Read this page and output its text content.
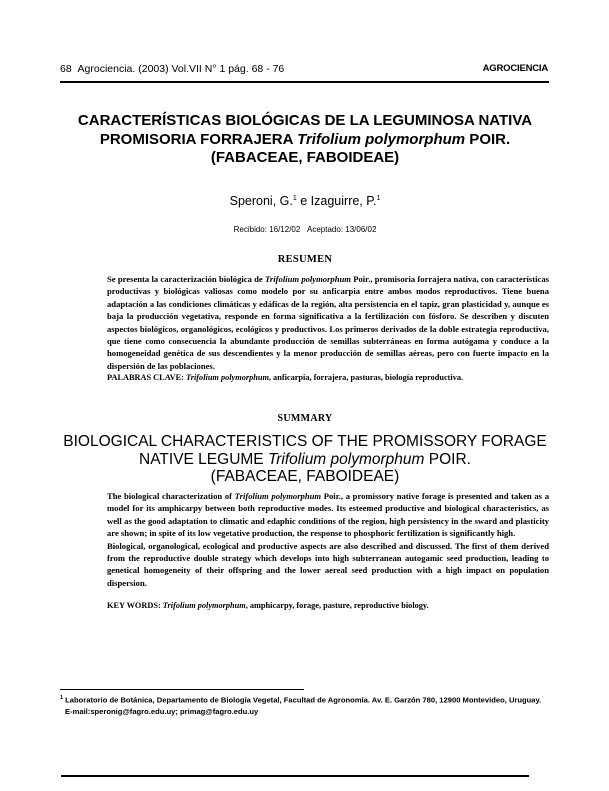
68 Agrociencia. (2003) Vol.VII N° 1 pág. 68 - 76	AGROCIENCIA
CARACTERÍSTICAS BIOLÓGICAS DE LA LEGUMINOSA NATIVA
PROMISORIA FORRAJERA Trifolium polymorphum POIR.
(FABACEAE, FABOIDEAE)
Speroni, G.$^1$ e Izaguirre, P.$^1$
Recibido: 16/12/02 Aceptado: 13/06/02
RESUMEN

Se presenta la caracterización biológica de Trifolium polymorphum Poir., promisoria forrajera nativa, con características productivas y biológicas valiosas como modelo por su anficarpia entre ambos modos reproductivos. Tiene buena adaptación a las condiciones climáticas y edáficas de la región, alta persistencia en el tapiz, gran plasticidad y, aunque es baja la producción vegetativa, responde en forma significativa a la fertilización con fósforo. Se describen y discuten aspectos biológicos, organológicos, ecológicos y productivos. Los primeros derivados de la doble estrategia reproductiva, que tiene como consecuencia la abundante producción de semillas subterráneas en forma autógama y conduce a la homogeneidad genética de sus descendientes y la menor producción de semillas aéreas, pero con fuerte impacto en la dispersión de las poblaciones.

PALABRAS CLAVE: Trifolium polymorphum, anficarpia, forrajera, pasturas, biología reproductiva.
SUMMARY
BIOLOGICAL CHARACTERISTICS OF THE PROMISSORY FORAGE
NATIVE LEGUME Trifolium polymorphum POIR.
(FABACEAE, FABOIDEAE)

The biological characterization of Trifolium polymorphum Poir., a promissory native forage is presented and taken as a model for its amphicarpy between both reproductive modes. Its esteemed productive and biological characteristics, as well as the good adaptation to climatic and edaphic conditions of the region, high persistency in the sward and plasticity are shown; in spite of its low vegetative production, the response to phosphoric fertilization is significantly high.

Biological, organological, ecological and productive aspects are also described and discussed. The first of them derived from the reproductive double strategy which develops into high subterranean autogamic seed production, leading to genetical homogeneity of their offspring and the lower aereal seed production with a high impact on population dispersion.

KEY WORDS: Trifolium polymorphum, amphicarpy, forage, pasture, reproductive biology.
$^1$ Laboratorio de Botánica, Departamento de Biología Vegetal, Facultad de Agronomía. Av. E. Garzón 780, 12900 Montevideo, Uruguay.
E-mail:speronig@fagro.edu.uy; primag@fagro.edu.uy
